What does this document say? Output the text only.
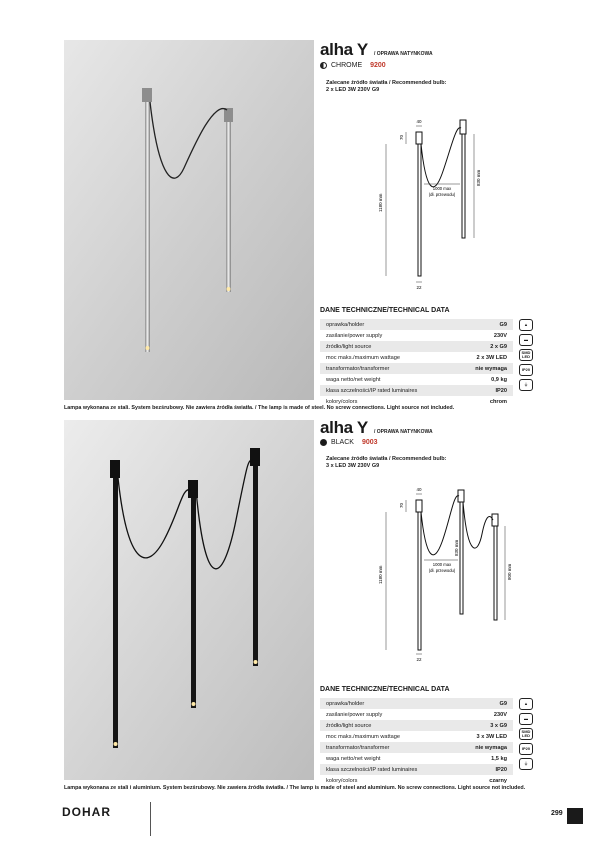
alha Y / OPRAWA NATYNKOWA
CHROME 9200
Zalecane źródło światła / Recommended bulb:
2 x LED 3W 230V G9
40
70
1180 mm
1000 max
(dł. przewodu)
830 mm
22
DANE TECHNICZNE/TECHNICAL DATA
oprawka/holder	G9
zasilanie/power supply	230V
źródło/light source	2 x G9
moc maks./maximum wattage	2 x 3W LED
transformator/transformer	nie wymaga
waga netto/net weight	0,9 kg
klasa szczelności/IP rated luminaires	IP20
kolory/colors	chrom
▲
▬
SMD LED
IP20
⏚
Lampa wykonana ze stali. System bezśrubowy. Nie zawiera źródła światła. / The lamp is made of steel. No screw connections. Light source not included.
alha Y / OPRAWA NATYNKOWA
BLACK 9003
Zalecane źródło światła / Recommended bulb:
3 x LED 3W 230V G9
40
70
1180 mm
1000 max
(dł. przewodu)
830 mm
800 mm
22
DANE TECHNICZNE/TECHNICAL DATA
oprawka/holder	G9
zasilanie/power supply	230V
źródło/light source	3 x G9
moc maks./maximum wattage	3 x 3W LED
transformator/transformer	nie wymaga
waga netto/net weight	1,5 kg
klasa szczelności/IP rated luminaires	IP20
kolory/colors	czarny
▲
▬
SMD LED
IP20
⏚
Lampa wykonana ze stali i aluminium. System bezśrubowy. Nie zawiera źródła światła. / The lamp is made of steel and aluminium. No screw connections. Light source not included.
DOHAR	299
